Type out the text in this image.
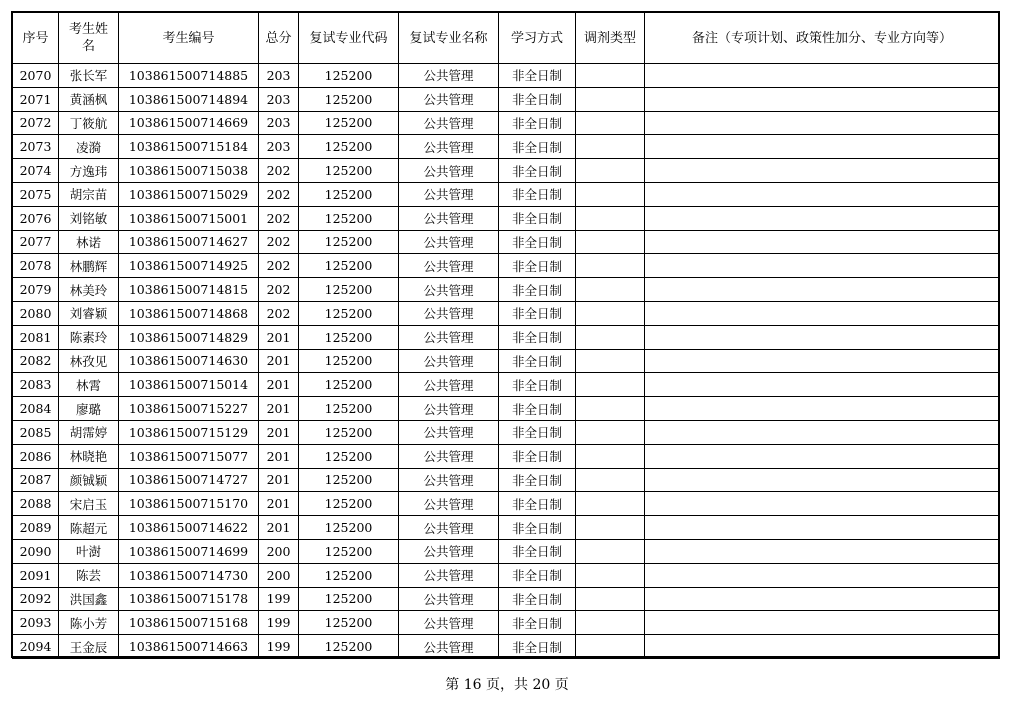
序号	考生姓名	考生编号	总分	复试专业代码	复试专业名称	学习方式	调剂类型	备注（专项计划、政策性加分、专业方向等）
2070	张长军	103861500714885	203	125200	公共管理	非全日制		
2071	黄涵枫	103861500714894	203	125200	公共管理	非全日制		
2072	丁筱航	103861500714669	203	125200	公共管理	非全日制		
2073	凌漪	103861500715184	203	125200	公共管理	非全日制		
2074	方逸玮	103861500715038	202	125200	公共管理	非全日制		
2075	胡宗苗	103861500715029	202	125200	公共管理	非全日制		
2076	刘铭敏	103861500715001	202	125200	公共管理	非全日制		
2077	林诺	103861500714627	202	125200	公共管理	非全日制		
2078	林鹏辉	103861500714925	202	125200	公共管理	非全日制		
2079	林美玲	103861500714815	202	125200	公共管理	非全日制		
2080	刘睿颖	103861500714868	202	125200	公共管理	非全日制		
2081	陈素玲	103861500714829	201	125200	公共管理	非全日制		
2082	林孜见	103861500714630	201	125200	公共管理	非全日制		
2083	林霄	103861500715014	201	125200	公共管理	非全日制		
2084	廖璐	103861500715227	201	125200	公共管理	非全日制		
2085	胡霈婷	103861500715129	201	125200	公共管理	非全日制		
2086	林晓艳	103861500715077	201	125200	公共管理	非全日制		
2087	颜铖颖	103861500714727	201	125200	公共管理	非全日制		
2088	宋启玉	103861500715170	201	125200	公共管理	非全日制		
2089	陈超元	103861500714622	201	125200	公共管理	非全日制		
2090	叶澍	103861500714699	200	125200	公共管理	非全日制		
2091	陈芸	103861500714730	200	125200	公共管理	非全日制		
2092	洪国鑫	103861500715178	199	125200	公共管理	非全日制		
2093	陈小芳	103861500715168	199	125200	公共管理	非全日制		
2094	王金辰	103861500714663	199	125200	公共管理	非全日制		
第 16 页，共 20 页
